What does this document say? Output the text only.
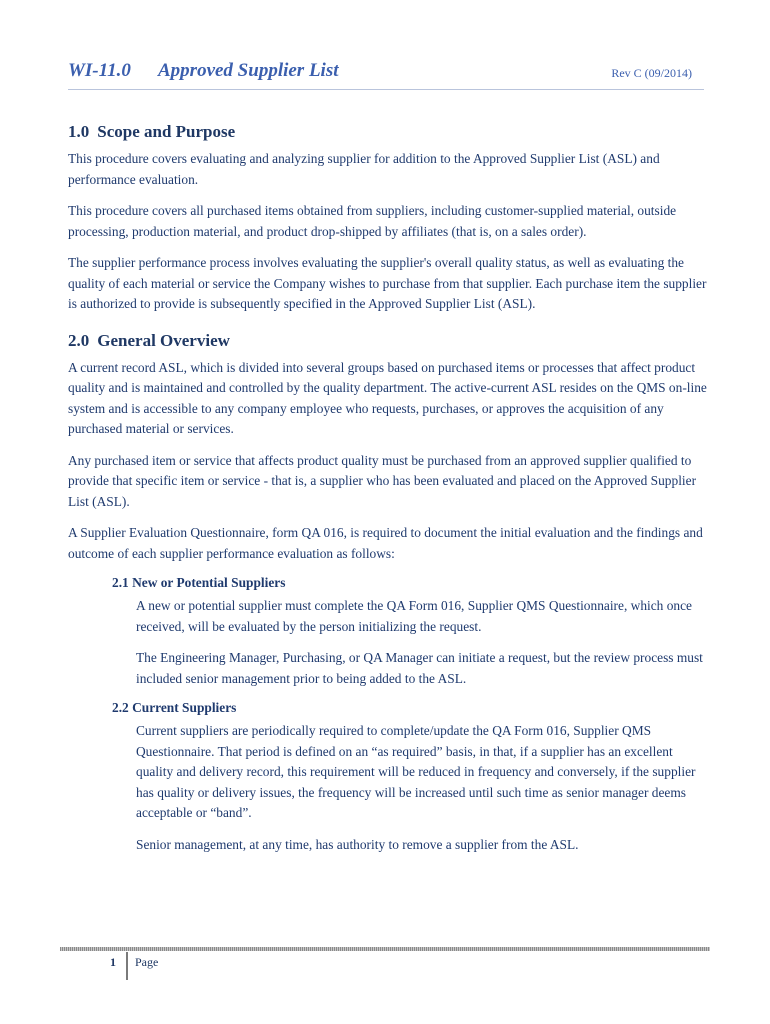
WI-11.0 Approved Supplier List	Rev C (09/2014)
1.0 Scope and Purpose

This procedure covers evaluating and analyzing supplier for addition to the Approved Supplier List (ASL) and performance evaluation.

This procedure covers all purchased items obtained from suppliers, including customer-supplied material, outside processing, production material, and product drop-shipped by affiliates (that is, on a sales order).

The supplier performance process involves evaluating the supplier's overall quality status, as well as evaluating the quality of each material or service the Company wishes to purchase from that supplier. Each purchase item the supplier is authorized to provide is subsequently specified in the Approved Supplier List (ASL).

2.0 General Overview

A current record ASL, which is divided into several groups based on purchased items or processes that affect product quality and is maintained and controlled by the quality department. The active-current ASL resides on the QMS on-line system and is accessible to any company employee who requests, purchases, or approves the acquisition of any purchased material or services.

Any purchased item or service that affects product quality must be purchased from an approved supplier qualified to provide that specific item or service - that is, a supplier who has been evaluated and placed on the Approved Supplier List (ASL).

A Supplier Evaluation Questionnaire, form QA 016, is required to document the initial evaluation and the findings and outcome of each supplier performance evaluation as follows:

2.1 New or Potential Suppliers

A new or potential supplier must complete the QA Form 016, Supplier QMS Questionnaire, which once received, will be evaluated by the person initializing the request.

The Engineering Manager, Purchasing, or QA Manager can initiate a request, but the review process must included senior management prior to being added to the ASL.

2.2 Current Suppliers

Current suppliers are periodically required to complete/update the QA Form 016, Supplier QMS Questionnaire. That period is defined on an “as required” basis, in that, if a supplier has an excellent quality and delivery record, this requirement will be reduced in frequency and conversely, if the supplier has quality or delivery issues, the frequency will be increased until such time as senior manager deems acceptable or “band”.

Senior management, at any time, has authority to remove a supplier from the ASL.

1 Page
